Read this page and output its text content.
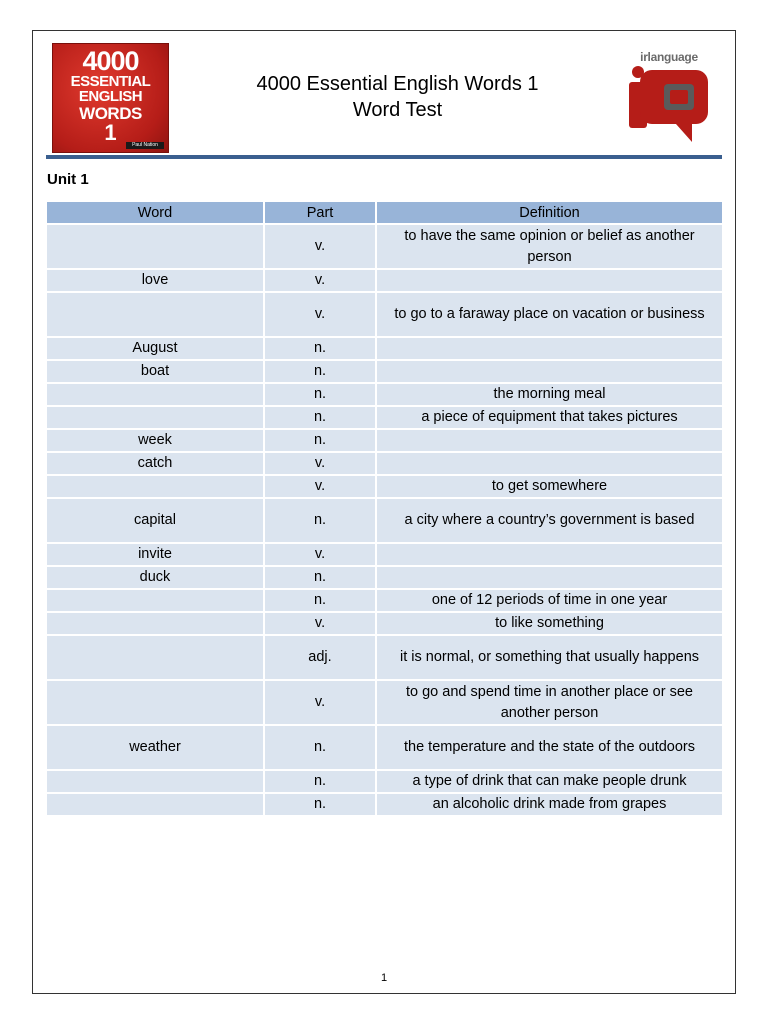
4000
ESSENTIAL
ENGLISH
WORDS
1	Paul Nation
4000 Essential English Words 1
Word Test
irlanguage
Unit 1
Word	Part	Definition
	v.	to have the same opinion or belief as another person
love	v.	
	v.	to go to a faraway place on vacation or business
August	n.	
boat	n.	
	n.	the morning meal
	n.	a piece of equipment that takes pictures
week	n.	
catch	v.	
	v.	to get somewhere
capital	n.	a city where a country’s government is based
invite	v.	
duck	n.	
	n.	one of 12 periods of time in one year
	v.	to like something
	adj.	it is normal, or something that usually happens
	v.	to go and spend time in another place or see another person
weather	n.	the temperature and the state of the outdoors
	n.	a type of drink that can make people drunk
	n.	an alcoholic drink made from grapes
1
